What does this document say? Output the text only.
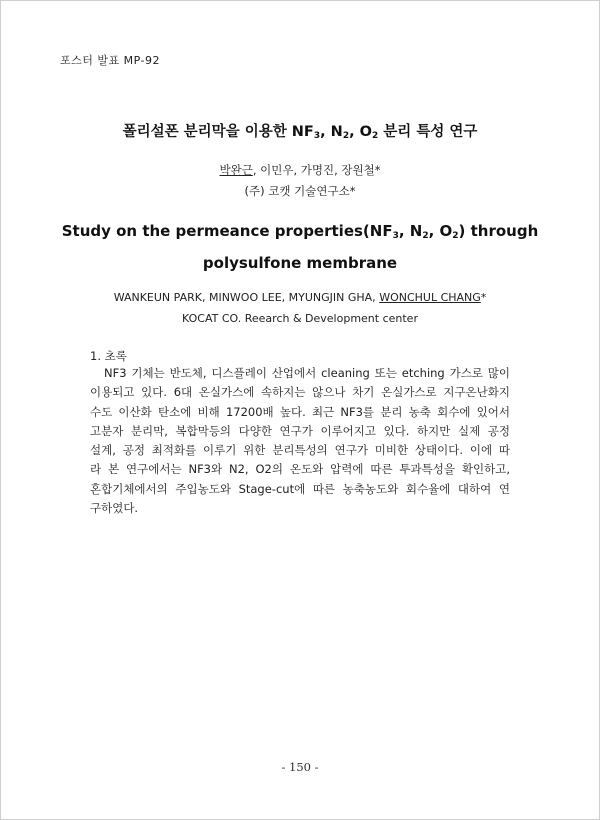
포스터 발표 MP-92
폴리설폰 분리막을 이용한 $NF_3$, $N_2$, $O_2$ 분리 특성 연구
박완근, 이민우, 가명진, 장원철*
(주) 코캣 기술연구소*
Study on the permeance $properties(NF_3$, $N_2$, $O_2$) through
polysulfone membrane
WANKEUN PARK, MINWOO LEE, MYUNGJIN GHA, WONCHUL CHANG*
KOCAT CO. Reearch & Development center
1. 초록
NF3 기체는 반도체, 디스플레이 산업에서 cleaning 또는 etching 가스로 많이
이용되고 있다. 6대 온실가스에 속하지는 않으나 차기 온실가스로 지구온난화지
수도 이산화 탄소에 비해 17200배 높다. 최근 NF3를 분리 농축 회수에 있어서
고분자 분리막, 복합막등의 다양한 연구가 이루어지고 있다. 하지만 실제 공정
설계, 공정 최적화를 이루기 위한 분리특성의 연구가 미비한 상태이다. 이에 따
라 본 연구에서는 NF3와 N2, O2의 온도와 압력에 따른 투과특성을 확인하고,
혼합기체에서의 주입농도와 Stage-cut에 따른 농축농도와 회수율에 대하여 연
구하였다.
- 150 -
